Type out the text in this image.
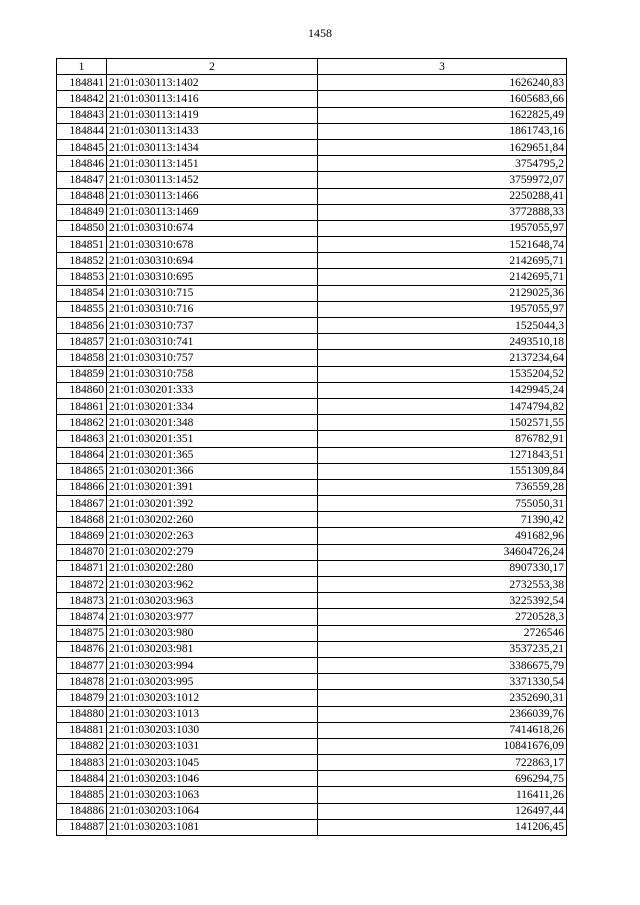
1458
1	2	3
184841	21:01:030113:1402	1626240,83
184842	21:01:030113:1416	1605683,66
184843	21:01:030113:1419	1622825,49
184844	21:01:030113:1433	1861743,16
184845	21:01:030113:1434	1629651,84
184846	21:01:030113:1451	3754795,2
184847	21:01:030113:1452	3759972,07
184848	21:01:030113:1466	2250288,41
184849	21:01:030113:1469	3772888,33
184850	21:01:030310:674	1957055,97
184851	21:01:030310:678	1521648,74
184852	21:01:030310:694	2142695,71
184853	21:01:030310:695	2142695,71
184854	21:01:030310:715	2129025,36
184855	21:01:030310:716	1957055,97
184856	21:01:030310:737	1525044,3
184857	21:01:030310:741	2493510,18
184858	21:01:030310:757	2137234,64
184859	21:01:030310:758	1535204,52
184860	21:01:030201:333	1429945,24
184861	21:01:030201:334	1474794,82
184862	21:01:030201:348	1502571,55
184863	21:01:030201:351	876782,91
184864	21:01:030201:365	1271843,51
184865	21:01:030201:366	1551309,84
184866	21:01:030201:391	736559,28
184867	21:01:030201:392	755050,31
184868	21:01:030202:260	71390,42
184869	21:01:030202:263	491682,96
184870	21:01:030202:279	34604726,24
184871	21:01:030202:280	8907330,17
184872	21:01:030203:962	2732553,38
184873	21:01:030203:963	3225392,54
184874	21:01:030203:977	2720528,3
184875	21:01:030203:980	2726546
184876	21:01:030203:981	3537235,21
184877	21:01:030203:994	3386675,79
184878	21:01:030203:995	3371330,54
184879	21:01:030203:1012	2352690,31
184880	21:01:030203:1013	2366039,76
184881	21:01:030203:1030	7414618,26
184882	21:01:030203:1031	10841676,09
184883	21:01:030203:1045	722863,17
184884	21:01:030203:1046	696294,75
184885	21:01:030203:1063	116411,26
184886	21:01:030203:1064	126497,44
184887	21:01:030203:1081	141206,45
